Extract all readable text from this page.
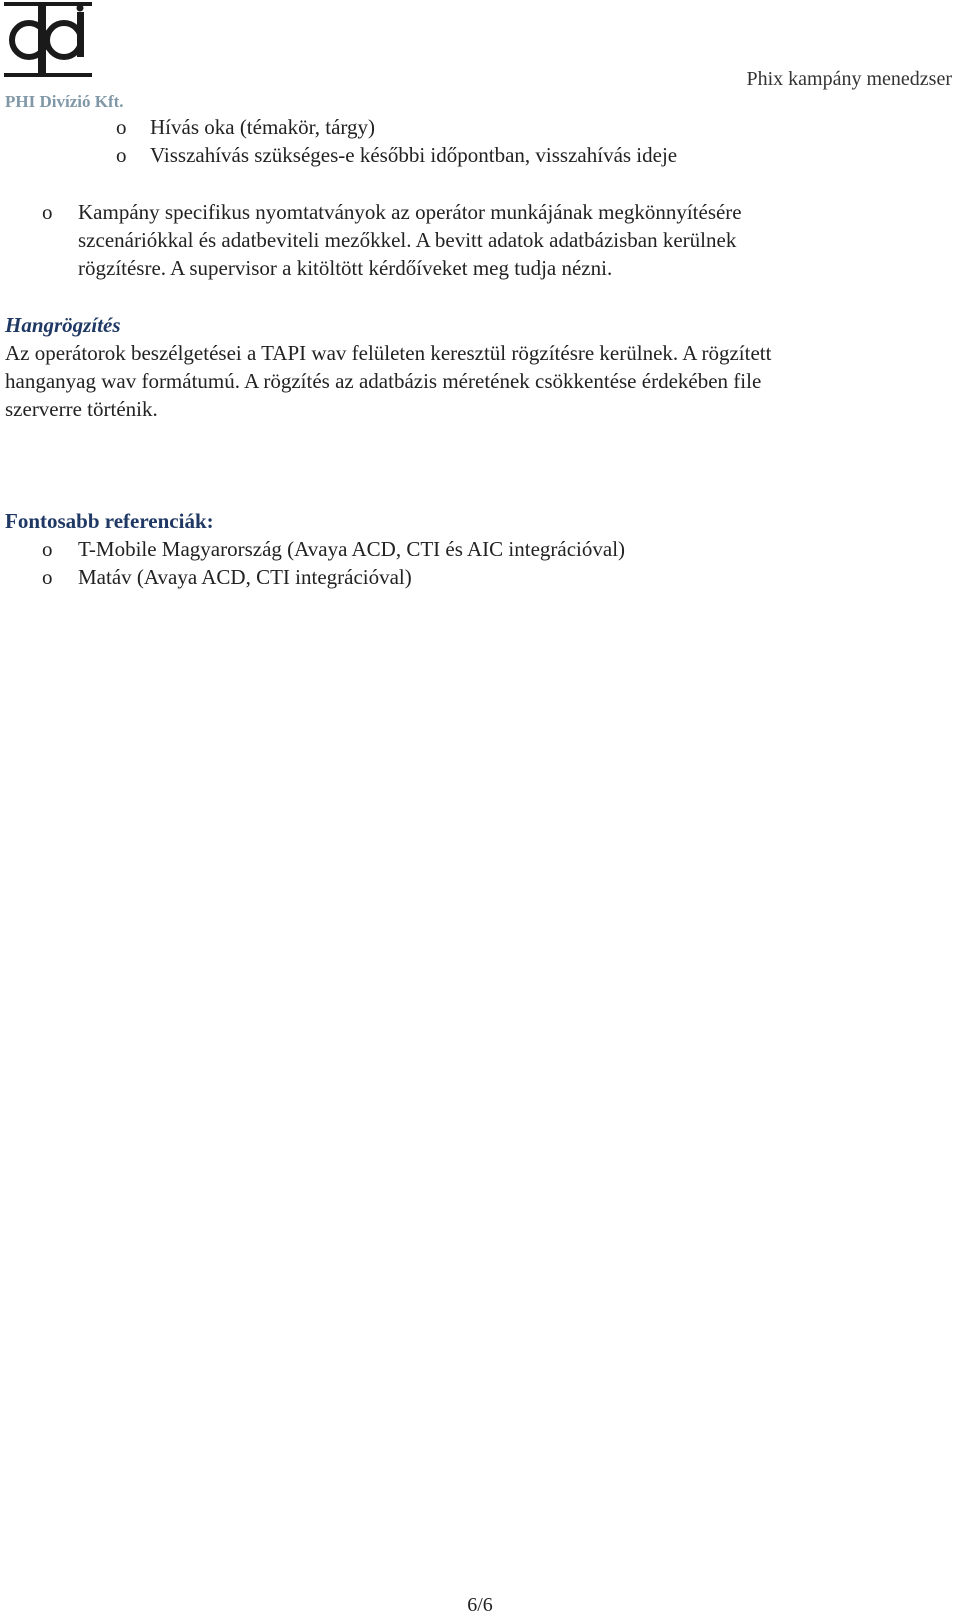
PHI Divízió Kft.
Phix kampány menedzser
o Hívás oka (témakör, tárgy)
o Visszahívás szükséges-e későbbi időpontban, visszahívás ideje
o Kampány specifikus nyomtatványok az operátor munkájának megkönnyítésére
szcenáriókkal és adatbeviteli mezőkkel. A bevitt adatok adatbázisban kerülnek
rögzítésre. A supervisor a kitöltött kérdőíveket meg tudja nézni.
Hangrögzítés
Az operátorok beszélgetései a TAPI wav felületen keresztül rögzítésre kerülnek. A rögzített
hanganyag wav formátumú. A rögzítés az adatbázis méretének csökkentése érdekében file
szerverre történik.
Fontosabb referenciák:
o T-Mobile Magyarország (Avaya ACD, CTI és AIC integrációval)
o Matáv (Avaya ACD, CTI integrációval)
6/6
